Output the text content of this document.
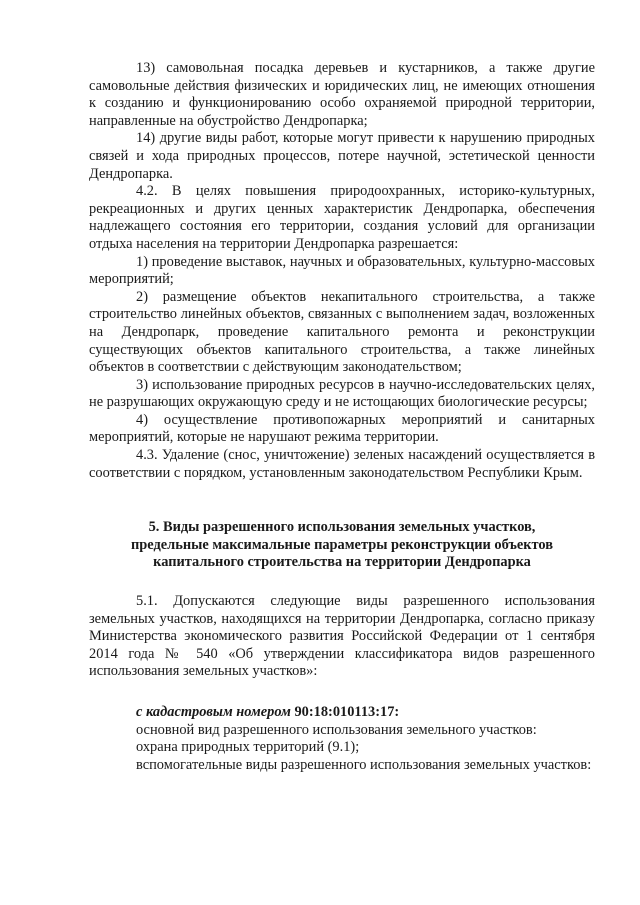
13) самовольная посадка деревьев и кустарников, а также другие самовольные действия физических и юридических лиц, не имеющих отношения к созданию и функционированию особо охраняемой природной территории, направленные на обустройство Дендропарка;

14) другие виды работ, которые могут привести к нарушению природных связей и хода природных процессов, потере научной, эстетической ценности Дендропарка.

4.2. В целях повышения природоохранных, историко-культурных, рекреационных и других ценных характеристик Дендропарка, обеспечения надлежащего состояния его территории, создания условий для организации отдыха населения на территории Дендропарка разрешается:

1) проведение выставок, научных и образовательных, культурно-массовых мероприятий;

2) размещение объектов некапитального строительства, а также строительство линейных объектов, связанных с выполнением задач, возложенных на Дендропарк, проведение капитального ремонта и реконструкции существующих объектов капитального строительства, а также линейных объектов в соответствии с действующим законодательством;

3) использование природных ресурсов в научно-исследовательских целях, не разрушающих окружающую среду и не истощающих биологические ресурсы;

4) осуществление противопожарных мероприятий и санитарных мероприятий, которые не нарушают режима территории.

4.3. Удаление (снос, уничтожение) зеленых насаждений осуществляется в соответствии с порядком, установленным законодательством Республики Крым.

5. Виды разрешенного использования земельных участков,
предельные максимальные параметры реконструкции объектов
капитального строительства на территории Дендропарка

5.1. Допускаются следующие виды разрешенного использования земельных участков, находящихся на территории Дендропарка, согласно приказу Министерства экономического развития Российской Федерации от 1 сентября 2014 года № 540 «Об утверждении классификатора видов разрешенного использования земельных участков»:

с кадастровым номером 90:18:010113:17:

основной вид разрешенного использования земельного участков:

охрана природных территорий (9.1);

вспомогательные виды разрешенного использования земельных участков:
